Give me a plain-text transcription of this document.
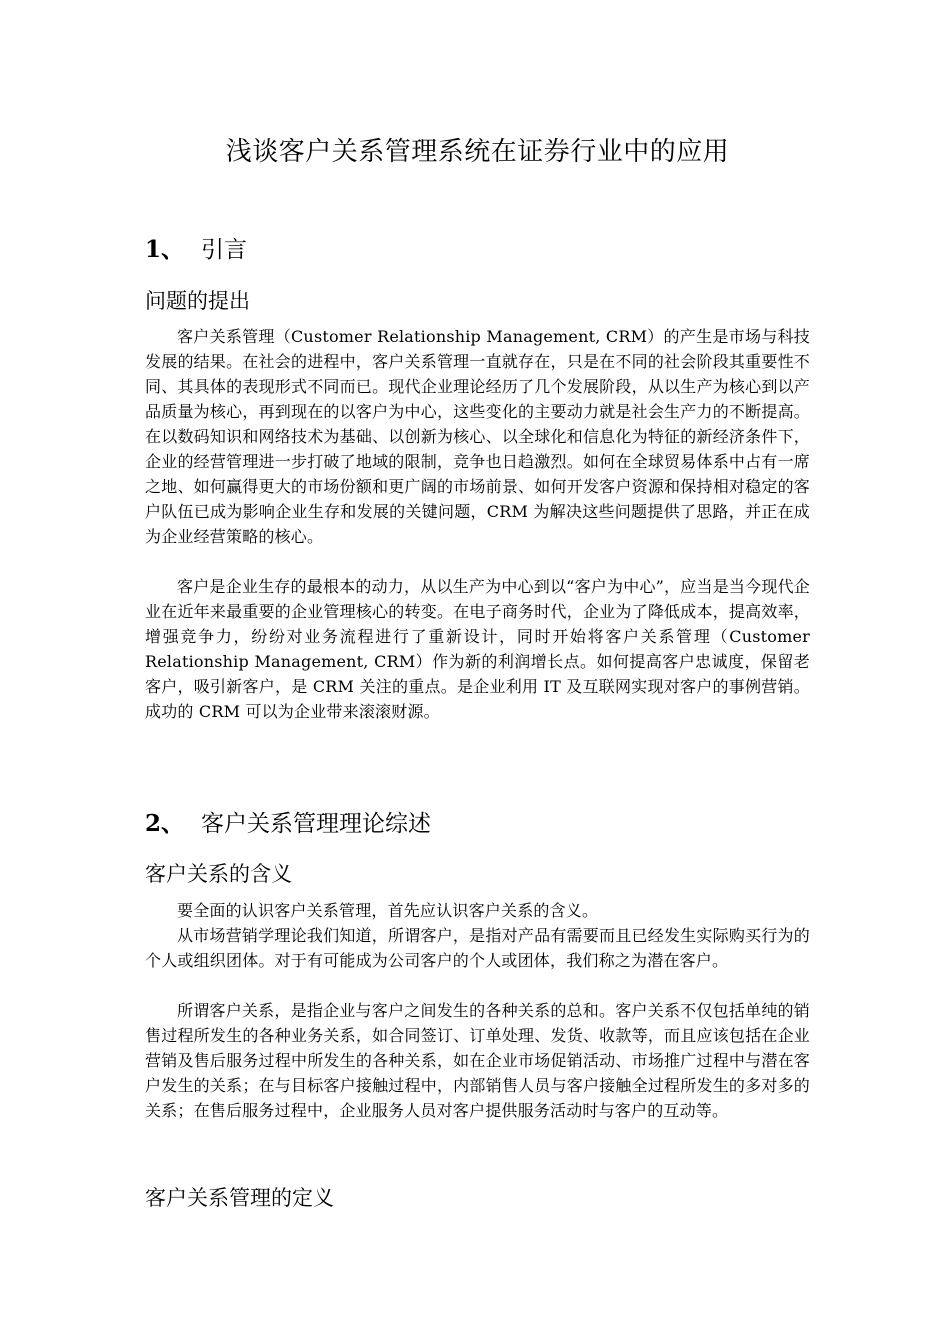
浅谈客户关系管理系统在证券行业中的应用
1、 引言
问题的提出

客户关系管理（Customer Relationship Management, CRM）的产生是市场与科技发展的结果。在社会的进程中，客户关系管理一直就存在，只是在不同的社会阶段其重要性不同、其具体的表现形式不同而已。现代企业理论经历了几个发展阶段，从以生产为核心到以产品质量为核心，再到现在的以客户为中心，这些变化的主要动力就是社会生产力的不断提高。在以数码知识和网络技术为基础、以创新为核心、以全球化和信息化为特征的新经济条件下，企业的经营管理进一步打破了地域的限制，竞争也日趋激烈。如何在全球贸易体系中占有一席之地、如何赢得更大的市场份额和更广阔的市场前景、如何开发客户资源和保持相对稳定的客户队伍已成为影响企业生存和发展的关键问题，CRM 为解决这些问题提供了思路，并正在成为企业经营策略的核心。

客户是企业生存的最根本的动力，从以生产为中心到以“客户为中心”，应当是当今现代企业在近年来最重要的企业管理核心的转变。在电子商务时代，企业为了降低成本，提高效率，增强竞争力，纷纷对业务流程进行了重新设计，同时开始将客户关系管理（Customer Relationship Management, CRM）作为新的利润增长点。如何提高客户忠诚度，保留老客户，吸引新客户，是 CRM 关注的重点。是企业利用 IT 及互联网实现对客户的事例营销。成功的 CRM 可以为企业带来滚滚财源。

2、 客户关系管理理论综述
客户关系的含义

要全面的认识客户关系管理，首先应认识客户关系的含义。

从市场营销学理论我们知道，所谓客户，是指对产品有需要而且已经发生实际购买行为的个人或组织团体。对于有可能成为公司客户的个人或团体，我们称之为潜在客户。

所谓客户关系，是指企业与客户之间发生的各种关系的总和。客户关系不仅包括单纯的销售过程所发生的各种业务关系，如合同签订、订单处理、发货、收款等，而且应该包括在企业营销及售后服务过程中所发生的各种关系，如在企业市场促销活动、市场推广过程中与潜在客户发生的关系；在与目标客户接触过程中，内部销售人员与客户接触全过程所发生的多对多的关系；在售后服务过程中，企业服务人员对客户提供服务活动时与客户的互动等。

客户关系管理的定义
